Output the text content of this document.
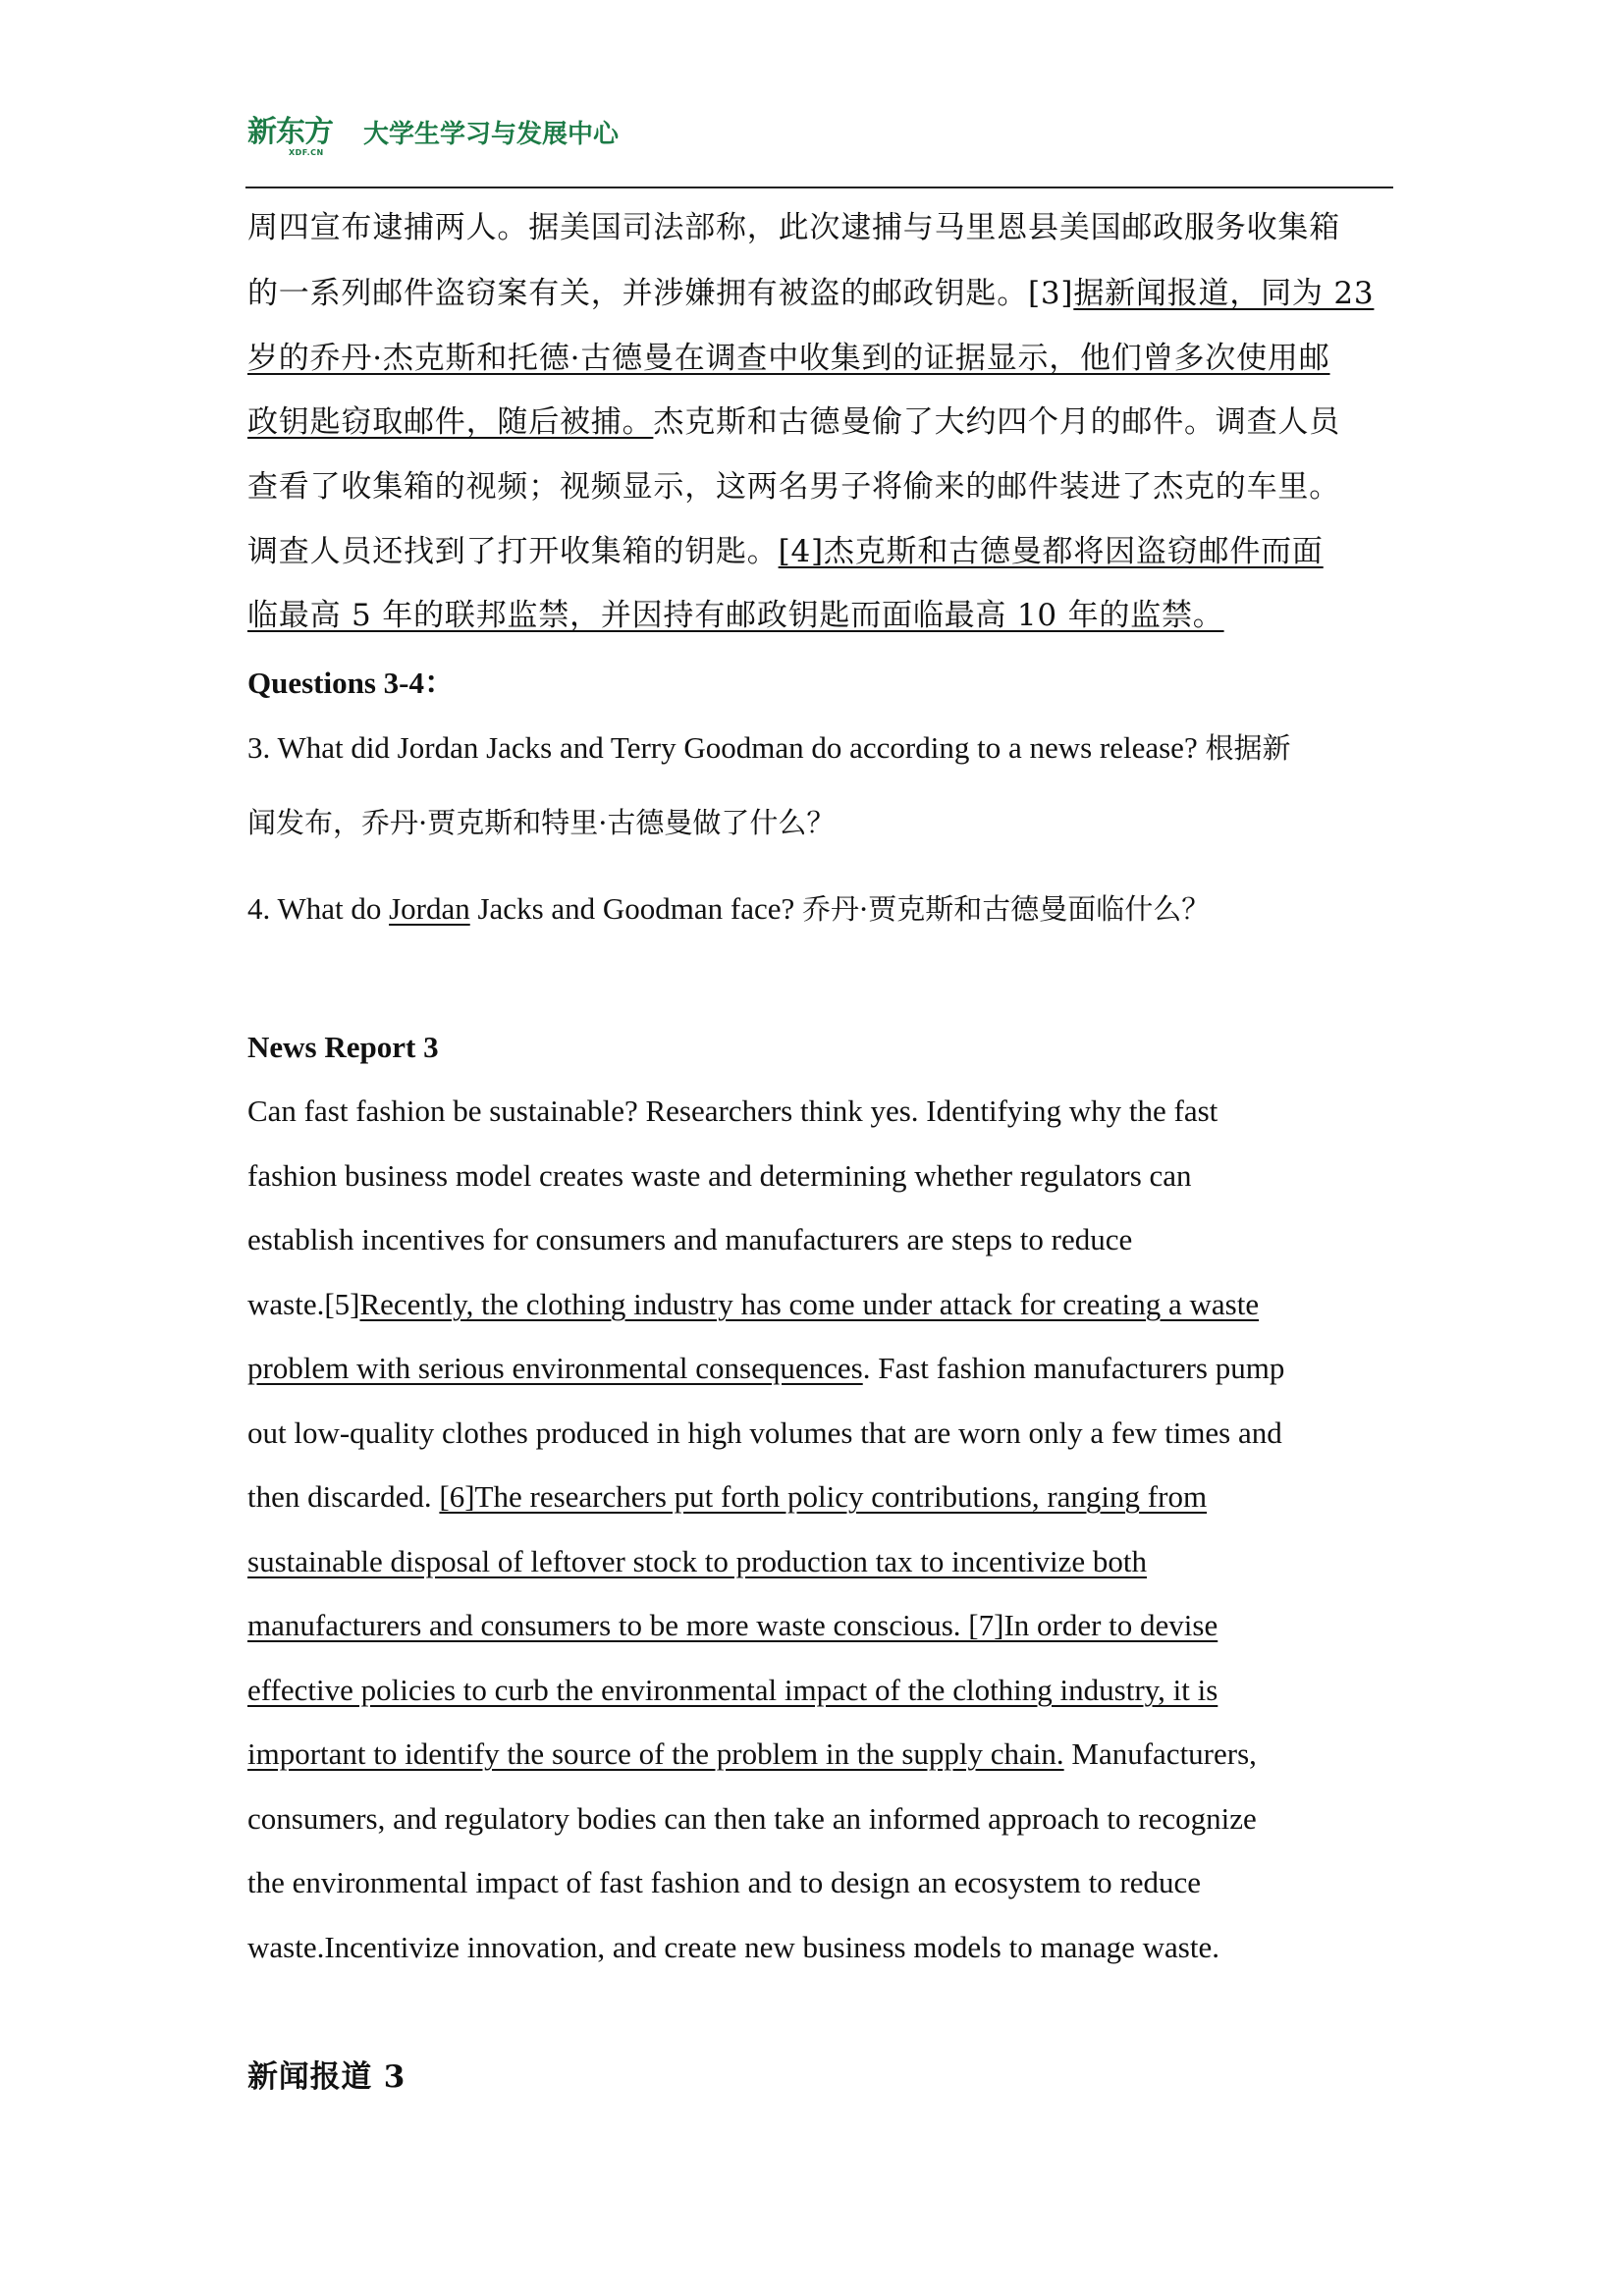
新东方
XDF.CN
大学生学习与发展中心
周四宣布逮捕两人。据美国司法部称，此次逮捕与马里恩县美国邮政服务收集箱
的一系列邮件盗窃案有关，并涉嫌拥有被盗的邮政钥匙。[3]据新闻报道，同为 23
岁的乔丹·杰克斯和托德·古德曼在调查中收集到的证据显示，他们曾多次使用邮
政钥匙窃取邮件，随后被捕。杰克斯和古德曼偷了大约四个月的邮件。调查人员
查看了收集箱的视频；视频显示，这两名男子将偷来的邮件装进了杰克的车里。
调查人员还找到了打开收集箱的钥匙。[4]杰克斯和古德曼都将因盗窃邮件而面
临最高 5 年的联邦监禁，并因持有邮政钥匙而面临最高 10 年的监禁。
Questions 3-4：
3. What did Jordan Jacks and Terry Goodman do according to a news release? 根据新
闻发布，乔丹·贾克斯和特里·古德曼做了什么？
4. What do Jordan Jacks and Goodman face? 乔丹·贾克斯和古德曼面临什么？
News Report 3
Can fast fashion be sustainable? Researchers think yes. Identifying why the fast
fashion business model creates waste and determining whether regulators can
establish incentives for consumers and manufacturers are steps to reduce
waste.[5]Recently, the clothing industry has come under attack for creating a waste
problem with serious environmental consequences. Fast fashion manufacturers pump
out low-quality clothes produced in high volumes that are worn only a few times and
then discarded. [6]The researchers put forth policy contributions, ranging from
sustainable disposal of leftover stock to production tax to incentivize both
manufacturers and consumers to be more waste conscious. [7]In order to devise
effective policies to curb the environmental impact of the clothing industry, it is
important to identify the source of the problem in the supply chain. Manufacturers,
consumers, and regulatory bodies can then take an informed approach to recognize
the environmental impact of fast fashion and to design an ecosystem to reduce
waste.Incentivize innovation, and create new business models to manage waste.
新闻报道 3
